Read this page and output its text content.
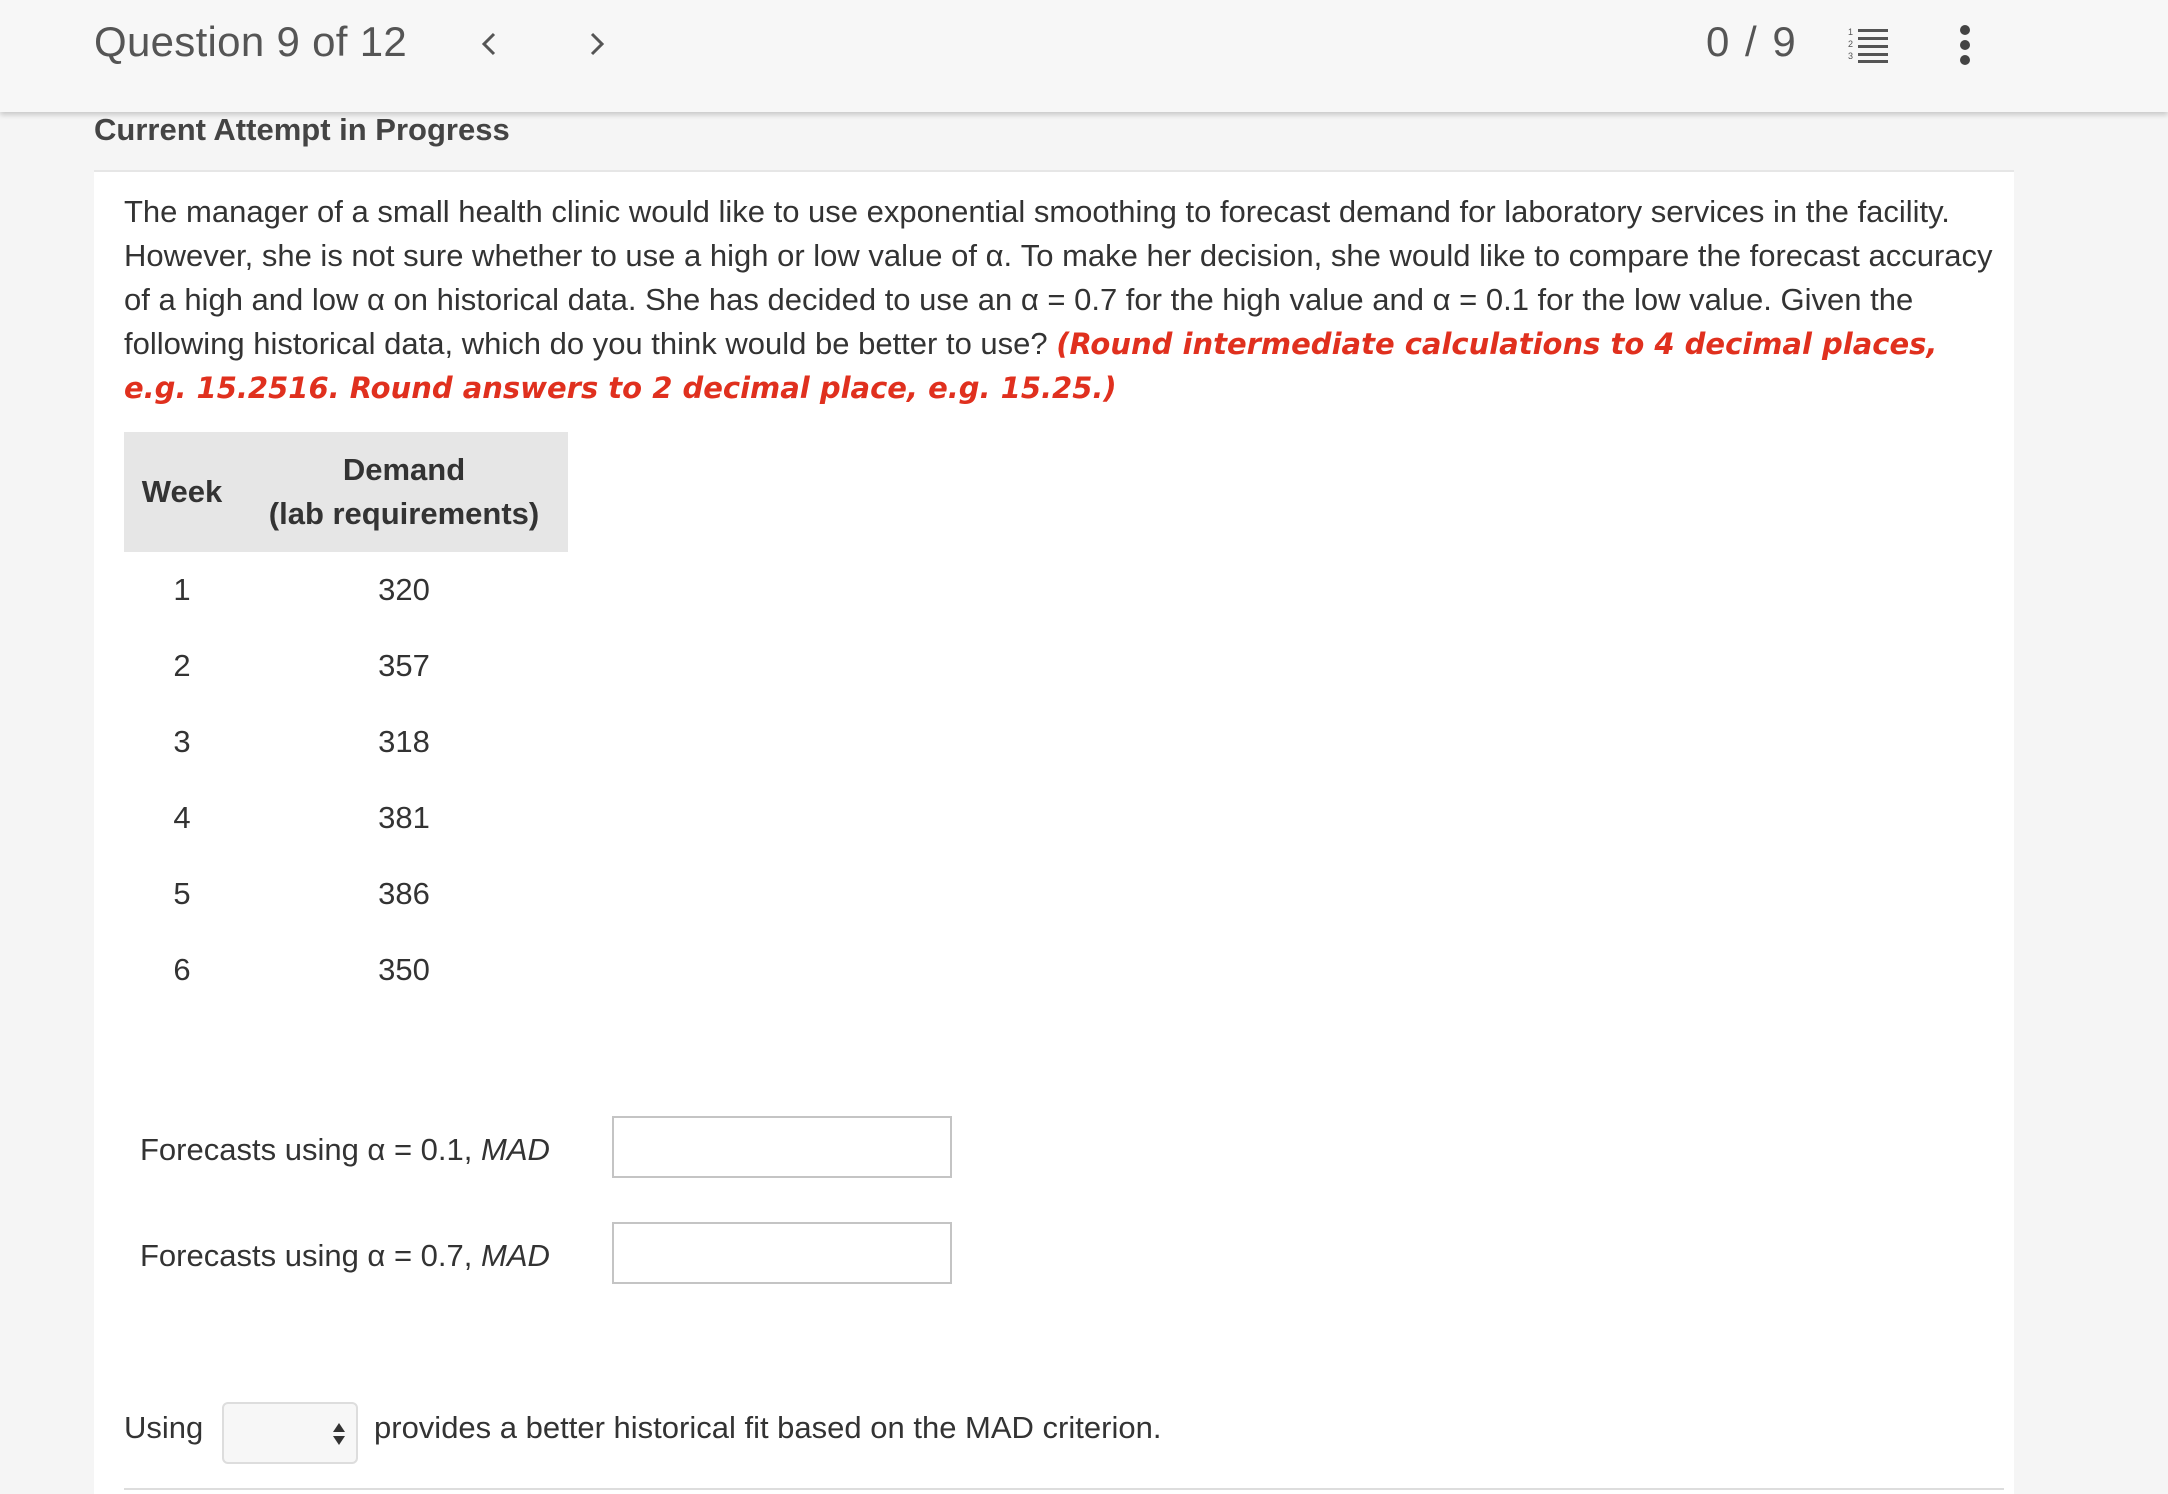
Question 9 of 12	0 / 9	1
2
3
Current Attempt in Progress
The manager of a small health clinic would like to use exponential smoothing to forecast demand for laboratory services in the facility. However, she is not sure whether to use a high or low value of α. To make her decision, she would like to compare the forecast accuracy of a high and low α on historical data. She has decided to use an α = 0.7 for the high value and α = 0.1 for the low value. Given the following historical data, which do you think would be better to use? (Round intermediate calculations to 4 decimal places, e.g. 15.2516. Round answers to 2 decimal place, e.g. 15.25.)
Week	Demand
(lab requirements)

1	320
2	357
3	318
4	381
5	386
6	350
Forecasts using α = 0.1, MAD
Forecasts using α = 0.7, MAD
Using	provides a better historical fit based on the MAD criterion.
